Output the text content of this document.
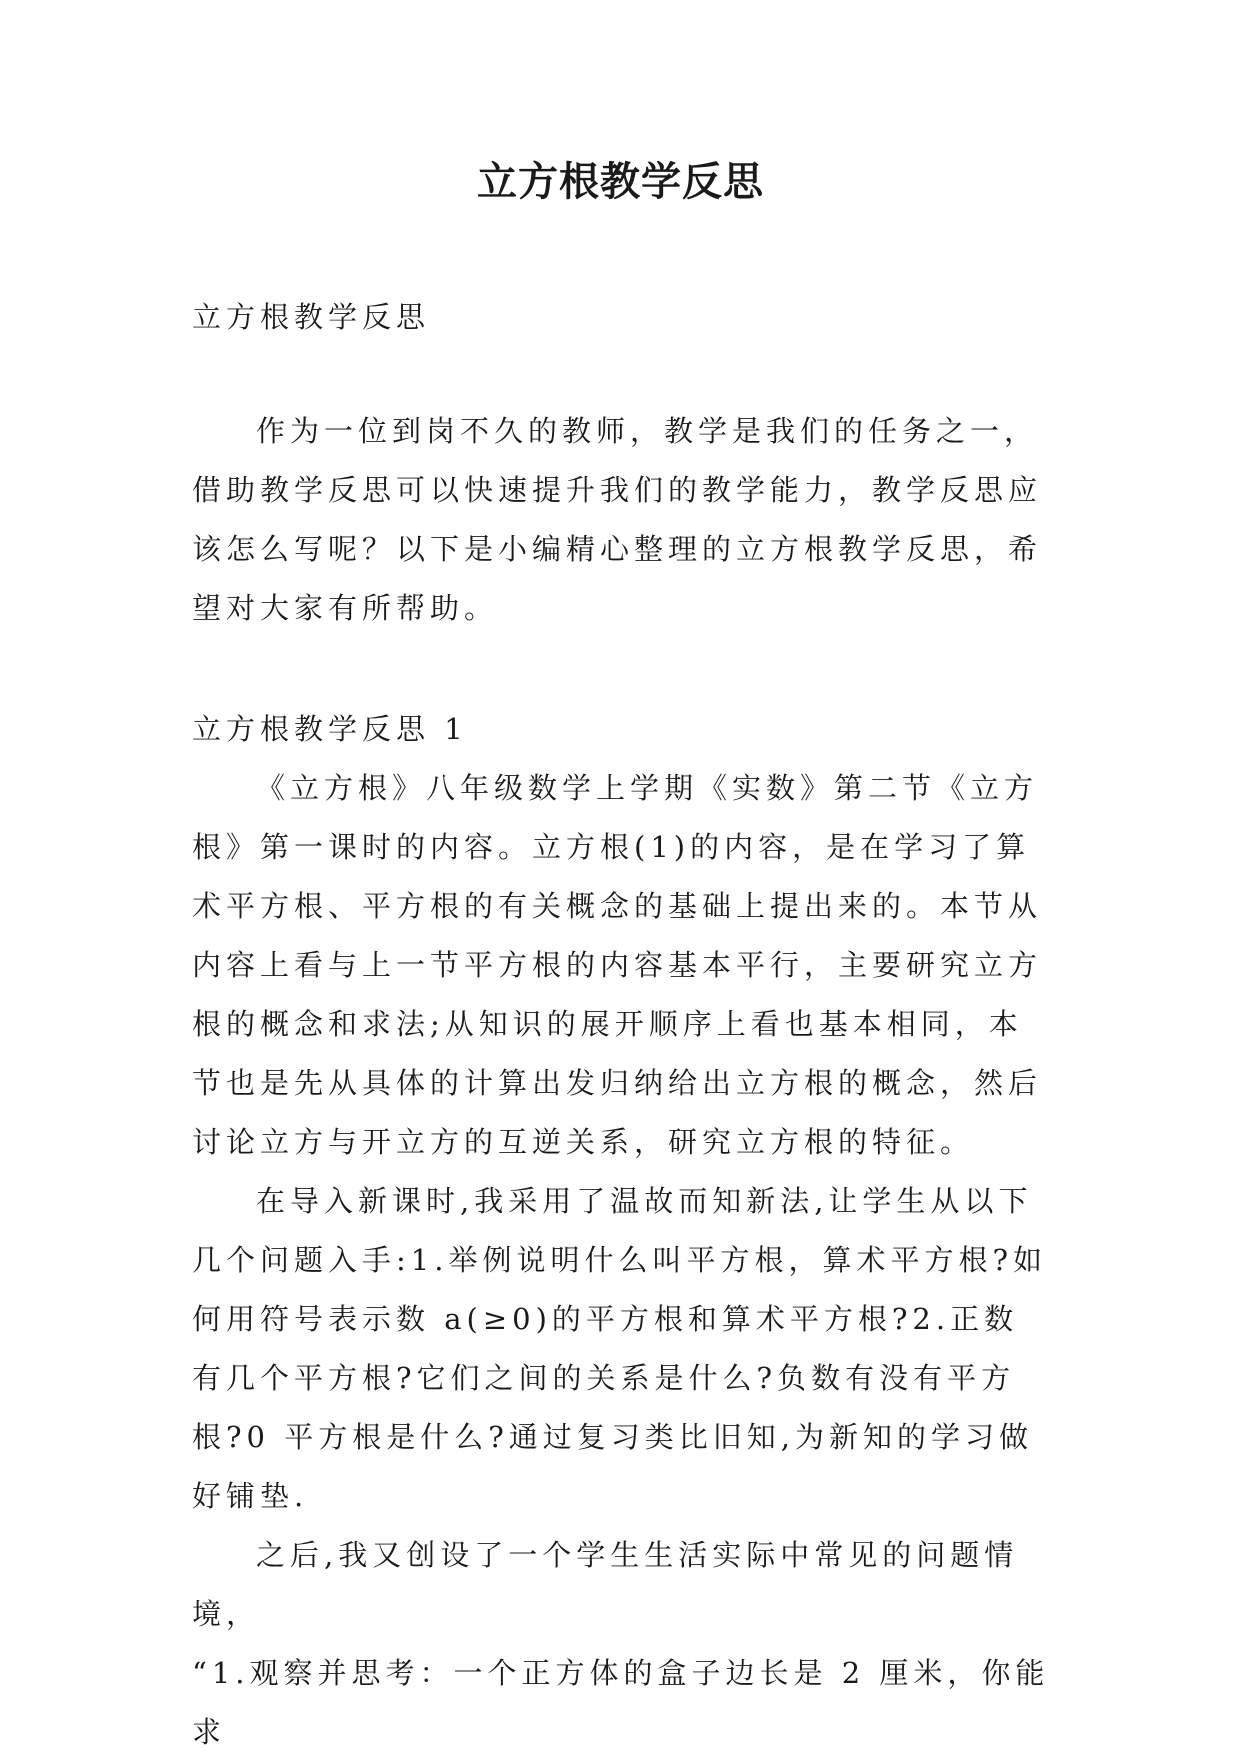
立方根教学反思

立方根教学反思

作为一位到岗不久的教师，教学是我们的任务之一，借助教学反思可以快速提升我们的教学能力，教学反思应该怎么写呢？以下是小编精心整理的立方根教学反思，希望对大家有所帮助。

立方根教学反思 1

《立方根》八年级数学上学期《实数》第二节《立方根》第一课时的内容。立方根(1)的内容，是在学习了算术平方根、平方根的有关概念的基础上提出来的。本节从内容上看与上一节平方根的内容基本平行，主要研究立方根的概念和求法;从知识的展开顺序上看也基本相同，本节也是先从具体的计算出发归纳给出立方根的概念，然后讨论立方与开立方的互逆关系，研究立方根的特征。

在导入新课时,我采用了温故而知新法,让学生从以下几个问题入手:1.举例说明什么叫平方根，算术平方根?如何用符号表示数 a(≥0)的平方根和算术平方根?2.正数有几个平方根?它们之间的关系是什么?负数有没有平方根?0 平方根是什么?通过复习类比旧知,为新知的学习做好铺垫.

之后,我又创设了一个学生生活实际中常见的问题情境，

“1.观察并思考：一个正方体的盒子边长是 2 厘米，你能求
